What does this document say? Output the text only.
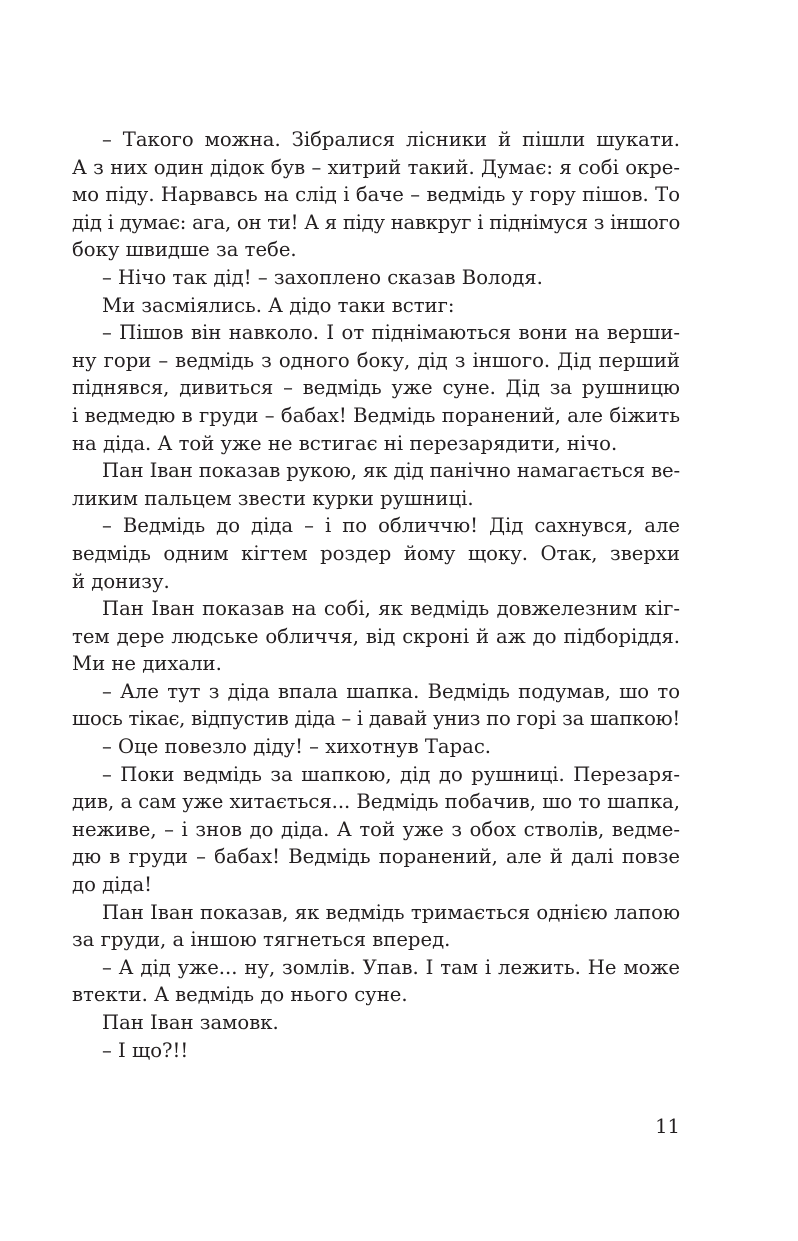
– Такого можна. Зібралися лісники й пішли шукати.
А з них один дідок був – хитрий такий. Думає: я собі окре-
мо піду. Нарвавсь на слід і баче – ведмідь у гору пішов. То
дід і думає: ага, он ти! А я піду навкруг і піднімуся з іншого
боку швидше за тебе.

– Нічо так дід! – захоплено сказав Володя.

Ми засміялись. А дідо таки встиг:

– Пішов він навколо. І от піднімаються вони на верши-
ну гори – ведмідь з одного боку, дід з іншого. Дід перший
піднявся, дивиться – ведмідь уже суне. Дід за рушницю
і ведмедю в груди – бабах! Ведмідь поранений, але біжить
на діда. А той уже не встигає ні перезарядити, нічо.

Пан Іван показав рукою, як дід панічно намагається ве-
ликим пальцем звести курки рушниці.

– Ведмідь до діда – і по обличчю! Дід сахнувся, але
ведмідь одним кігтем роздер йому щоку. Отак, зверхи
й донизу.

Пан Іван показав на собі, як ведмідь довжелезним кіг-
тем дере людське обличчя, від скроні й аж до підборіддя.
Ми не дихали.

– Але тут з діда впала шапка. Ведмідь подумав, шо то
шось тікає, відпустив діда – і давай униз по горі за шапкою!

– Оце повезло діду! – хихотнув Тарас.

– Поки ведмідь за шапкою, дід до рушниці. Перезаря-
див, а сам уже хитається... Ведмідь побачив, шо то шапка,
неживе, – і знов до діда. А той уже з обох стволів, ведме-
дю в груди – бабах! Ведмідь поранений, але й далі повзе
до діда!

Пан Іван показав, як ведмідь тримається однією лапою
за груди, а іншою тягнеться вперед.

– А дід уже... ну, зомлів. Упав. І там і лежить. Не може
втекти. А ведмідь до нього суне.

Пан Іван замовк.

– І що?!!

11
